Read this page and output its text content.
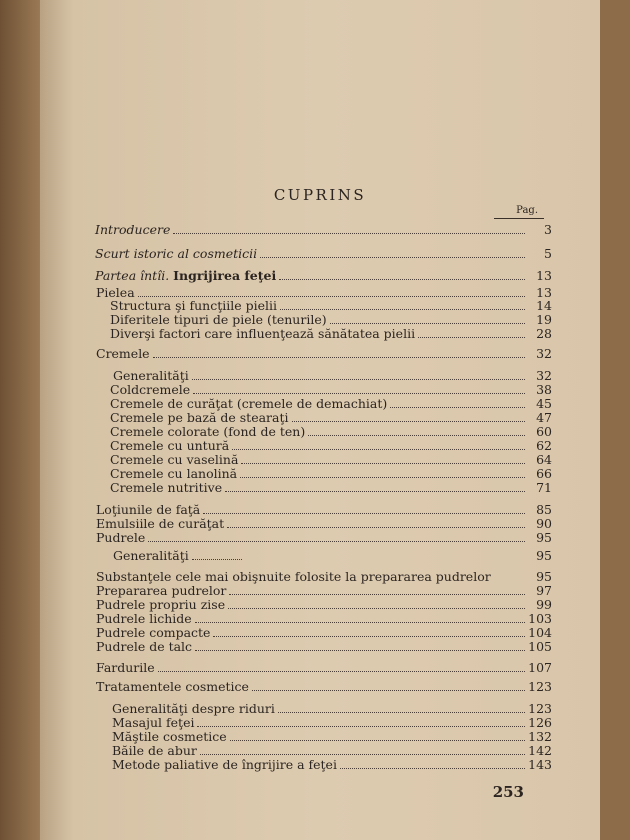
CUPRINS
Pag.
Introducere	3
Scurt istoric al cosmeticii	5
Partea întîi. Ingrijirea feţei	13
Pielea	13
Structura şi funcţiile pielii	14
Diferitele tipuri de piele (tenurile)	19
Diverşi factori care influenţează sănătatea pielii	28
Cremele	32
Generalităţi	32
Coldcremele	38
Cremele de curăţat (cremele de demachiat)	45
Cremele pe bază de stearaţi	47
Cremele colorate (fond de ten)	60
Cremele cu untură	62
Cremele cu vaselină	64
Cremele cu lanolină	66
Cremele nutritive	71
Loţiunile de faţă	85
Emulsiile de curăţat	90
Pudrele	95
Generalităţi	95
Substanţele cele mai obişnuite folosite la prepararea pudrelor	95
Prepararea pudrelor	97
Pudrele propriu zise	99
Pudrele lichide	103
Pudrele compacte	104
Pudrele de talc	105
Fardurile	107
Tratamentele cosmetice	123
Generalităţi despre riduri	123
Masajul feţei	126
Măştile cosmetice	132
Băile de abur	142
Metode paliative de îngrijire a feţei	143
253
